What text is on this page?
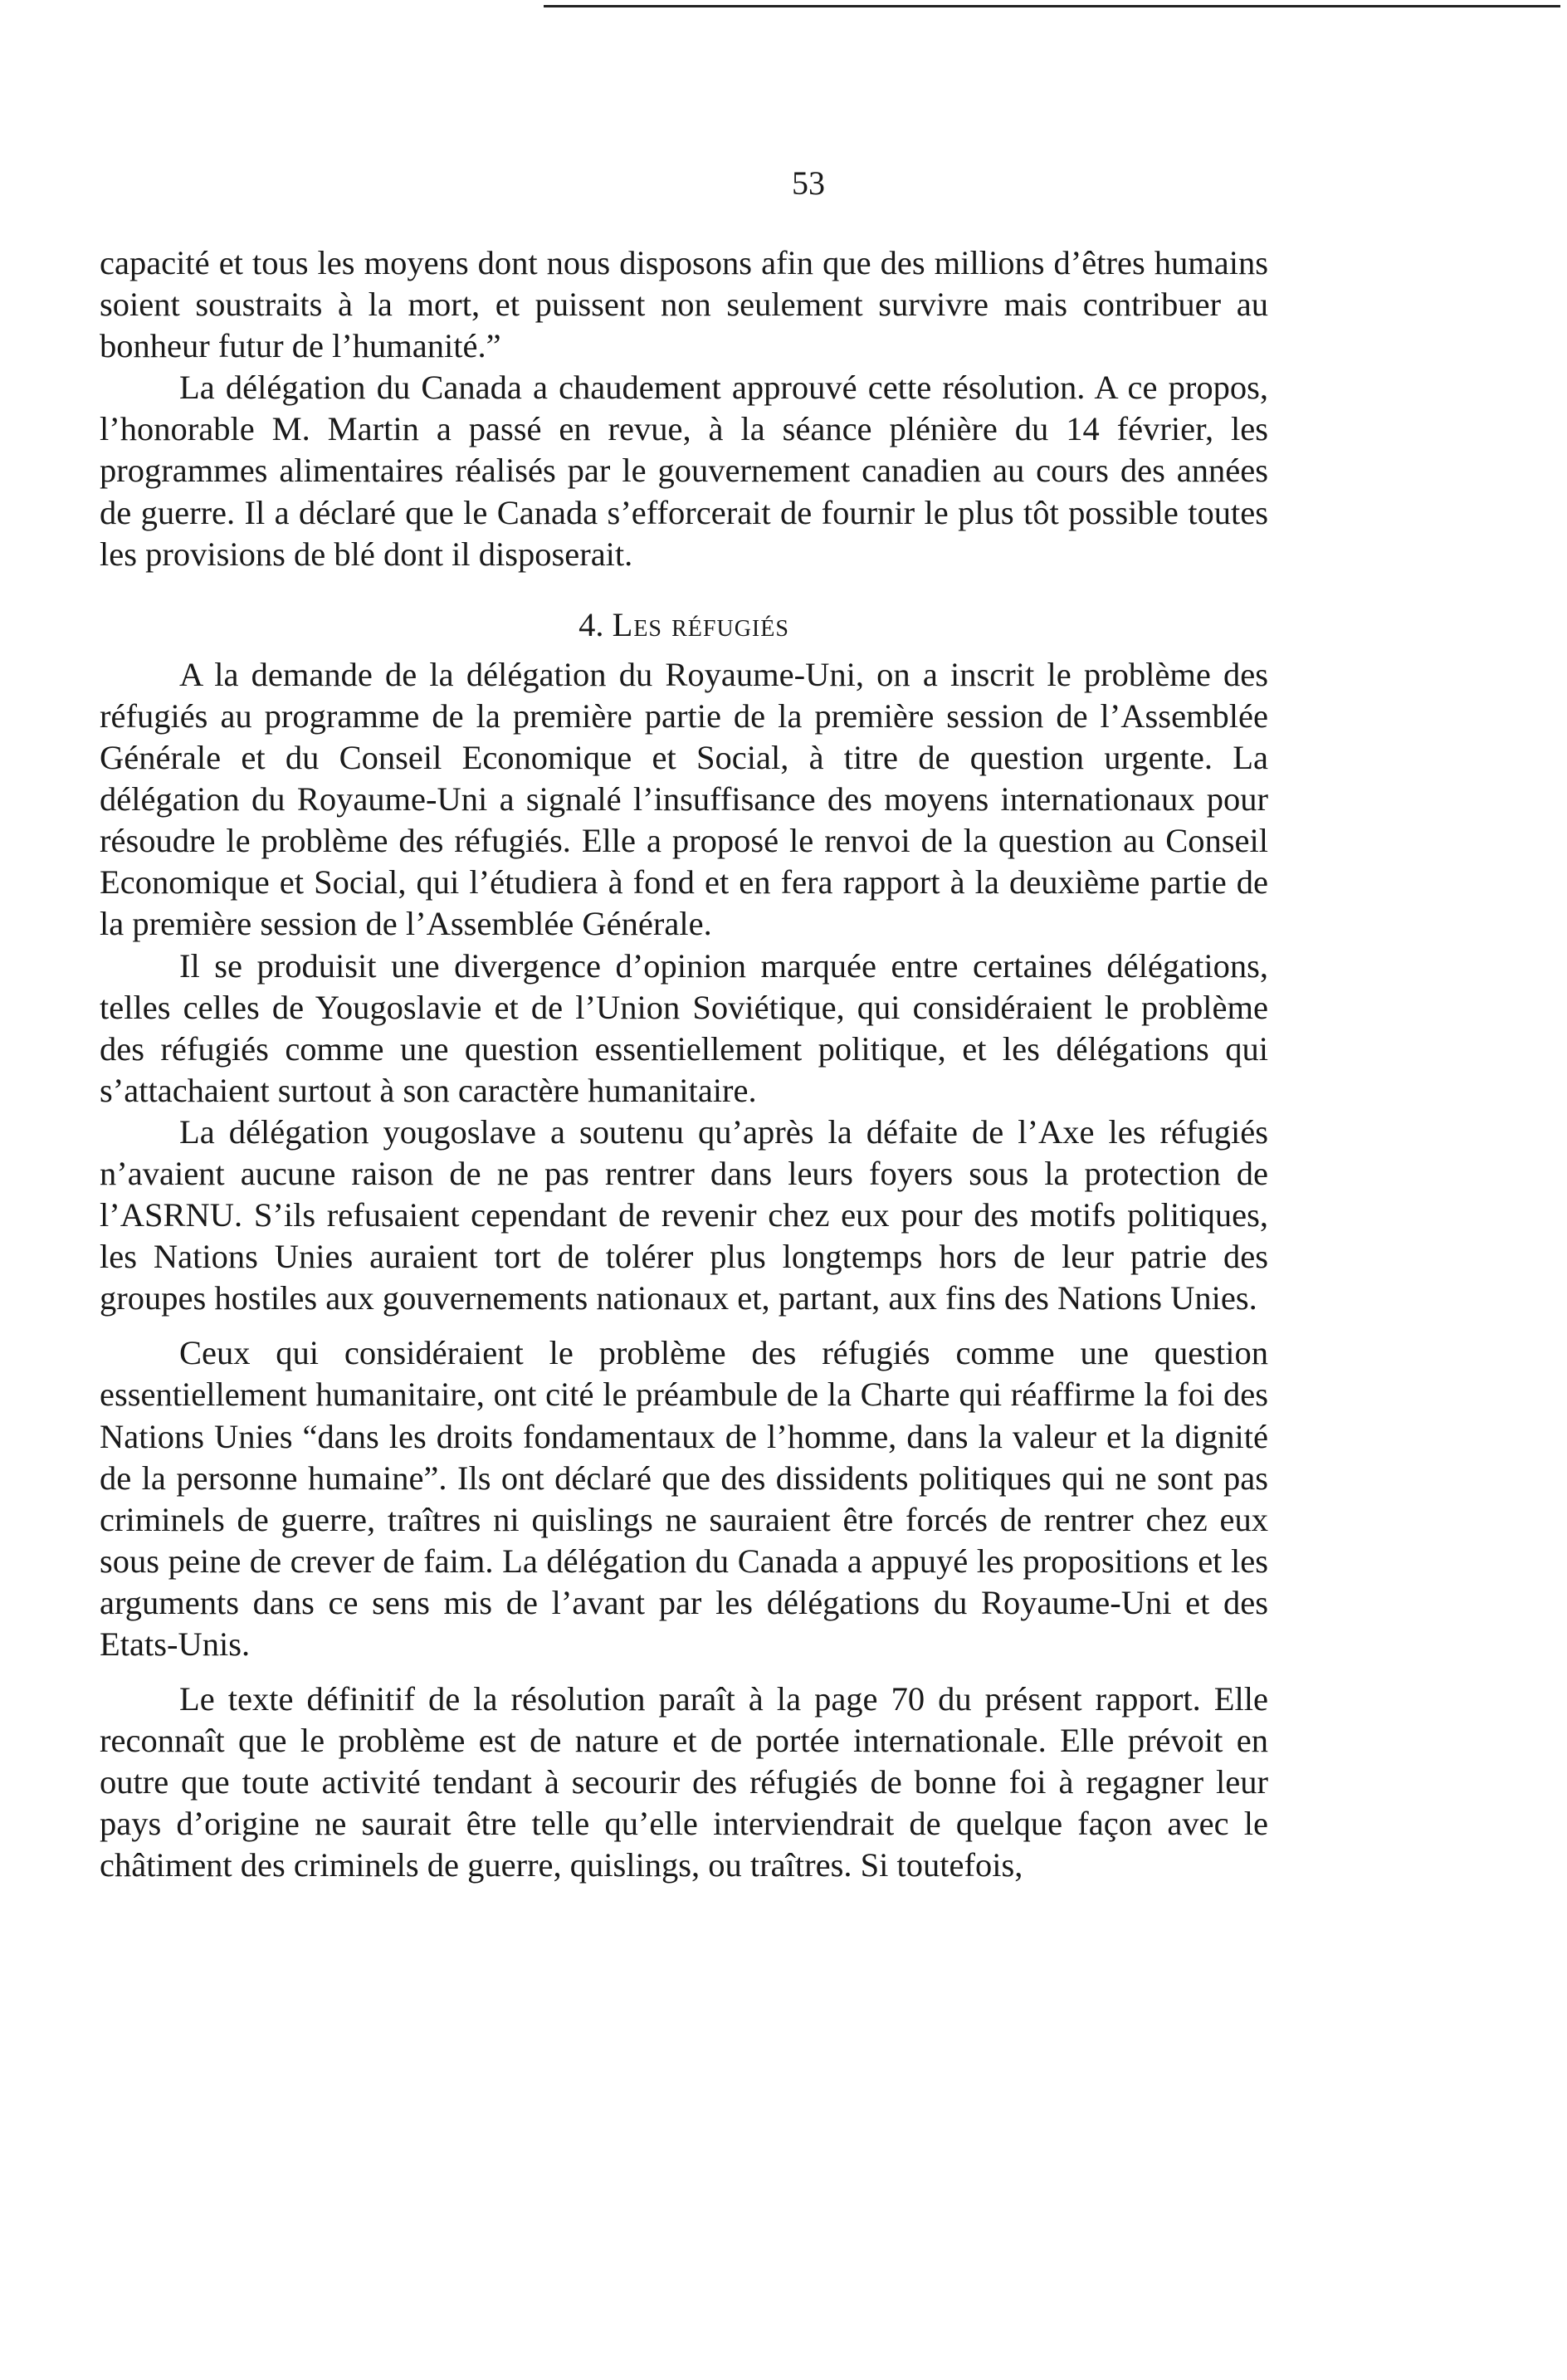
53

capacité et tous les moyens dont nous disposons afin que des millions d’êtres humains soient soustraits à la mort, et puissent non seulement survivre mais contribuer au bonheur futur de l’humanité.”

La délégation du Canada a chaudement approuvé cette résolution. A ce propos, l’honorable M. Martin a passé en revue, à la séance plénière du 14 février, les programmes alimentaires réalisés par le gouvernement canadien au cours des années de guerre. Il a déclaré que le Canada s’efforcerait de fournir le plus tôt possible toutes les provisions de blé dont il disposerait.

4. Les réfugiés

A la demande de la délégation du Royaume-Uni, on a inscrit le problème des réfugiés au programme de la première partie de la première session de l’Assemblée Générale et du Conseil Economique et Social, à titre de question urgente. La délégation du Royaume-Uni a signalé l’insuffisance des moyens internationaux pour résoudre le problème des réfugiés. Elle a proposé le renvoi de la question au Conseil Economique et Social, qui l’étudiera à fond et en fera rapport à la deuxième partie de la première session de l’Assemblée Générale.

Il se produisit une divergence d’opinion marquée entre certaines délégations, telles celles de Yougoslavie et de l’Union Soviétique, qui considéraient le problème des réfugiés comme une question essentiellement politique, et les délégations qui s’attachaient surtout à son caractère humanitaire.

La délégation yougoslave a soutenu qu’après la défaite de l’Axe les réfugiés n’avaient aucune raison de ne pas rentrer dans leurs foyers sous la protection de l’ASRNU. S’ils refusaient cependant de revenir chez eux pour des motifs politiques, les Nations Unies auraient tort de tolérer plus longtemps hors de leur patrie des groupes hostiles aux gouvernements nationaux et, partant, aux fins des Nations Unies.

Ceux qui considéraient le problème des réfugiés comme une question essentiellement humanitaire, ont cité le préambule de la Charte qui réaffirme la foi des Nations Unies “dans les droits fondamentaux de l’homme, dans la valeur et la dignité de la personne humaine”. Ils ont déclaré que des dissidents politiques qui ne sont pas criminels de guerre, traîtres ni quislings ne sauraient être forcés de rentrer chez eux sous peine de crever de faim. La délégation du Canada a appuyé les propositions et les arguments dans ce sens mis de l’avant par les délégations du Royaume-Uni et des Etats-Unis.

Le texte définitif de la résolution paraît à la page 70 du présent rapport. Elle reconnaît que le problème est de nature et de portée internationale. Elle prévoit en outre que toute activité tendant à secourir des réfugiés de bonne foi à regagner leur pays d’origine ne saurait être telle qu’elle interviendrait de quelque façon avec le châtiment des criminels de guerre, quislings, ou traîtres. Si toutefois,
